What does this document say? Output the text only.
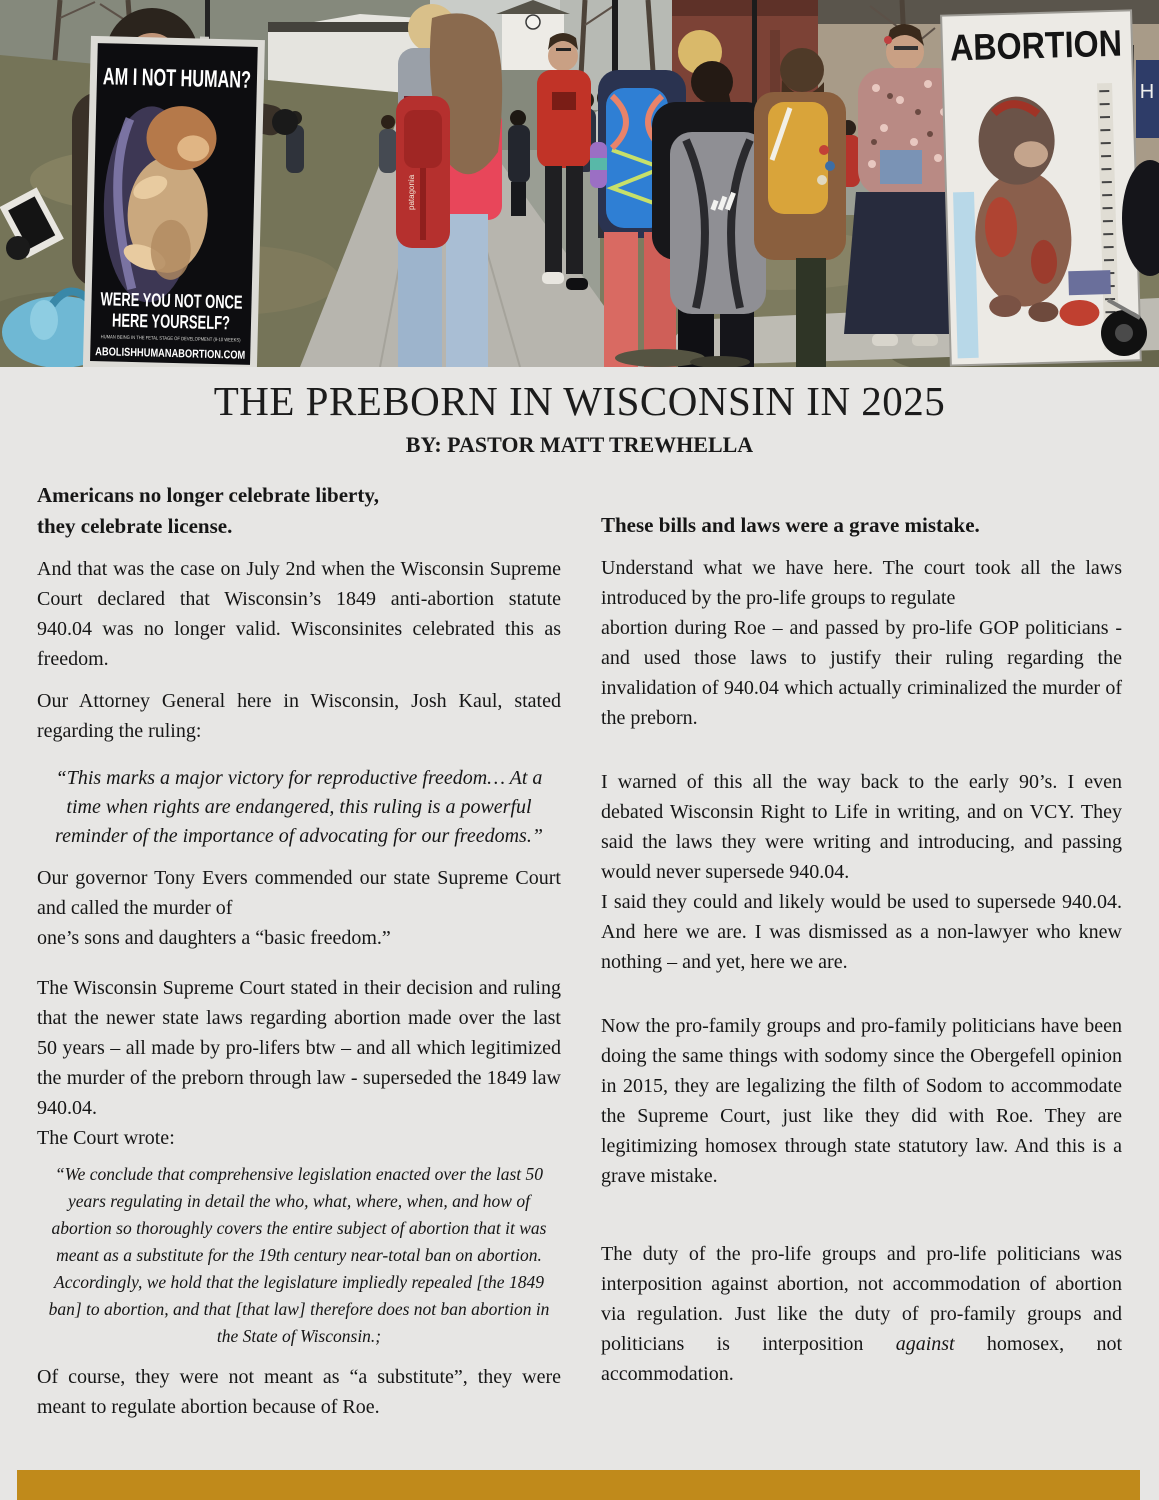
H
patagonia
AM I NOT HUMAN?
WERE YOU NOT ONCE
HERE YOURSELF?
HUMAN BEING IN THE FETAL STAGE OF DEVELOPMENT (9-10 WEEKS)
ABOLISHHUMANABORTION.COM
ABORTION
THE PREBORN IN WISCONSIN IN 2025
BY: PASTOR MATT TREWHELLA
Americans no longer celebrate liberty,
they celebrate license.

And that was the case on July 2nd when the Wisconsin Supreme Court declared that Wisconsin’s 1849 anti-abortion statute 940.04 was no longer valid. Wisconsinites celebrated this as freedom.

Our Attorney General here in Wisconsin, Josh Kaul, stated regarding the ruling:

“This marks a major victory for reproductive freedom… At a time when rights are endangered, this ruling is a powerful reminder of the importance of advocating for our freedoms.”

Our governor Tony Evers commended our state Supreme Court and called the murder of
one’s sons and daughters a “basic freedom.”

The Wisconsin Supreme Court stated in their decision and ruling that the newer state laws regarding abortion made over the last 50 years – all made by pro-lifers btw – and all which legitimized the murder of the preborn through law - superseded the 1849 law 940.04.
The Court wrote:

“We conclude that comprehensive legislation enacted over the last 50 years regulating in detail the who, what, where, when, and how of abortion so thoroughly covers the entire subject of abortion that it was meant as a substitute for the 19th century near-total ban on abortion. Accordingly, we hold that the legislature impliedly repealed [the 1849 ban] to abortion, and that [that law] therefore does not ban abortion in the State of Wisconsin.;

Of course, they were not meant as “a substitute”, they were meant to regulate abortion because of Roe.

These bills and laws were a grave mistake.

Understand what we have here. The court took all the laws introduced by the pro-life groups to regulate
abortion during Roe – and passed by pro-life GOP politicians - and used those laws to justify their ruling regarding the invalidation of 940.04 which actually criminalized the murder of the preborn.

I warned of this all the way back to the early 90’s. I even debated Wisconsin Right to Life in writing, and on VCY. They said the laws they were writing and introducing, and passing would never supersede 940.04.
I said they could and likely would be used to supersede 940.04. And here we are. I was dismissed as a non-lawyer who knew nothing – and yet, here we are.

Now the pro-family groups and pro-family politicians have been doing the same things with sodomy since the Obergefell opinion in 2015, they are legalizing the filth of Sodom to accommodate the Supreme Court, just like they did with Roe. They are legitimizing homosex through state statutory law. And this is a grave mistake.

The duty of the pro-life groups and pro-life politicians was interposition against abortion, not accommodation of abortion via regulation. Just like the duty of pro-family groups and politicians is interposition against homosex, not accommodation.
